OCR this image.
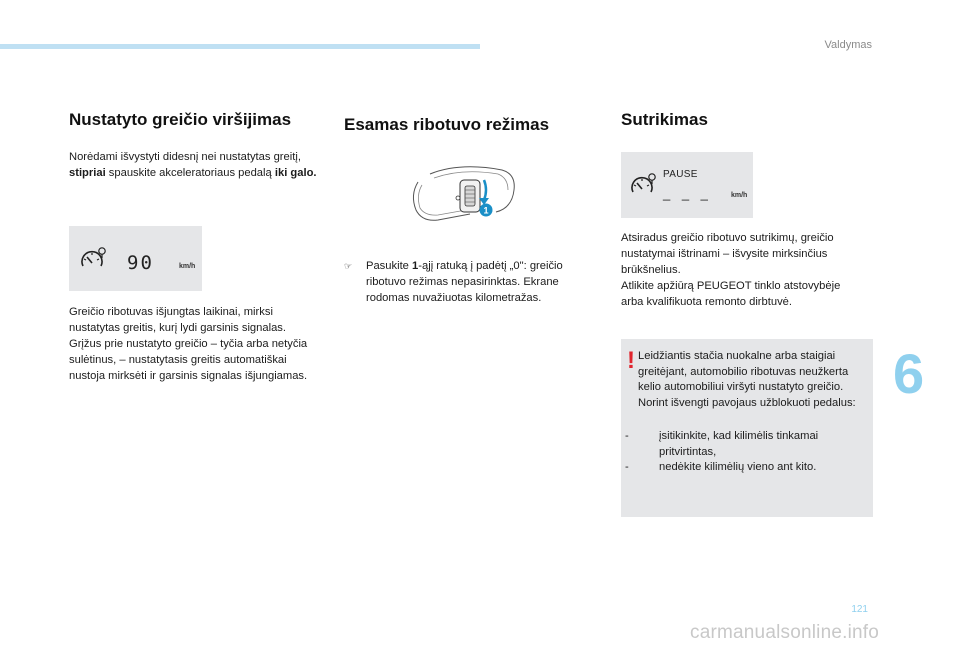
Valdymas
6
Nustatyto greičio viršijimas

Norėdami išvystyti didesnį nei nustatytas greitį, stipriai spauskite akceleratoriaus pedalą iki galo.

90	km/h

Greičio ribotuvas išjungtas laikinai, mirksi nustatytas greitis, kurį lydi garsinis signalas. Grįžus prie nustatyto greičio – tyčia arba netyčia sulėtinus, – nustatytasis greitis automatiškai nustoja mirksėti ir garsinis signalas išjungiamas.

Esamas ribotuvo režimas
1
☞ Pasukite 1-ąjį ratuką į padėtį „0": greičio ribotuvo režimas nepasirinktas. Ekrane rodomas nuvažiuotas kilometražas.
Sutrikimas
PAUSE
_ _ _	km/h
Atsiradus greičio ribotuvo sutrikimų, greičio nustatymai ištrinami – išvysite mirksinčius brūkšnelius.
Atlikite apžiūrą PEUGEOT tinklo atstovybėje arba kvalifikuota remonto dirbtuvė.
! Leidžiantis stačia nuokalne arba staigiai greitėjant, automobilio ribotuvas neužkerta kelio automobiliui viršyti nustatyto greičio. Norint išvengti pavojaus užblokuoti pedalus:

-	įsitikinkite, kad kilimėlis tinkamai pritvirtintas,
-	nedėkite kilimėlių vieno ant kito.
121
carmanualsonline.info
